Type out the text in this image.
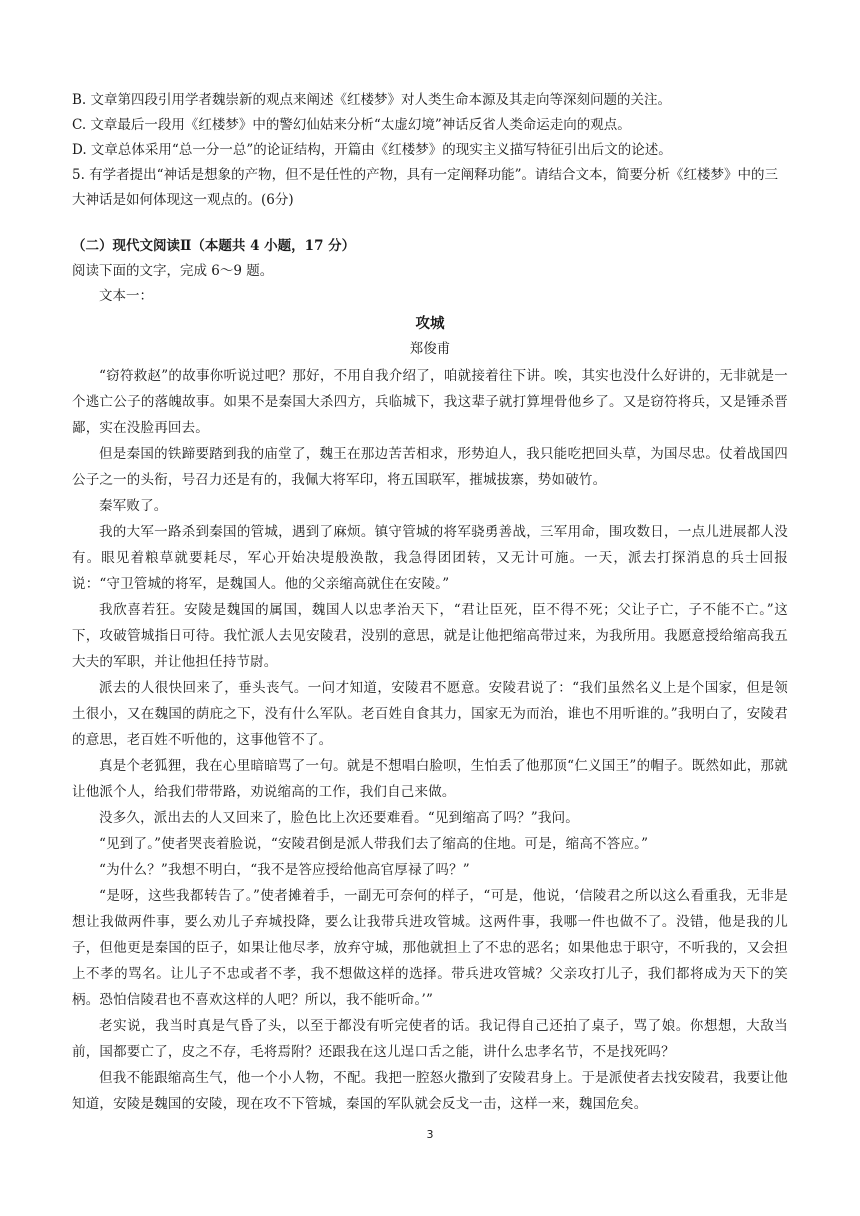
B. 文章第四段引用学者魏崇新的观点来阐述《红楼梦》对人类生命本源及其走向等深刻问题的关注。

C. 文章最后一段用《红楼梦》中的警幻仙姑来分析“太虚幻境”神话反省人类命运走向的观点。

D. 文章总体采用“总一分一总”的论证结构，开篇由《红楼梦》的现实主义描写特征引出后文的论述。

5. 有学者提出“神话是想象的产物，但不是任性的产物，具有一定阐释功能”。请结合文本，简要分析《红楼梦》中的三大神话是如何体现这一观点的。(6分)

（二）现代文阅读Ⅱ（本题共 4 小题，17 分）

阅读下面的文字，完成 6～9 题。

文本一：

攻城

郑俊甫

“窃符救赵”的故事你听说过吧？那好，不用自我介绍了，咱就接着往下讲。唉，其实也没什么好讲的，无非就是一个逃亡公子的落魄故事。如果不是秦国大杀四方，兵临城下，我这辈子就打算埋骨他乡了。又是窃符将兵，又是锤杀晋鄙，实在没脸再回去。

但是秦国的铁蹄要踏到我的庙堂了，魏王在那边苦苦相求，形势迫人，我只能吃把回头草，为国尽忠。仗着战国四公子之一的头衔，号召力还是有的，我佩大将军印，将五国联军，摧城拔寨，势如破竹。

秦军败了。

我的大军一路杀到秦国的管城，遇到了麻烦。镇守管城的将军骁勇善战，三军用命，围攻数日，一点儿进展都人没有。眼见着粮草就要耗尽，军心开始决堤般涣散，我急得团团转，又无计可施。一天，派去打探消息的兵士回报说：“守卫管城的将军，是魏国人。他的父亲缩高就住在安陵。”

我欣喜若狂。安陵是魏国的属国，魏国人以忠孝治天下，“君让臣死，臣不得不死；父让子亡，子不能不亡。”这下，攻破管城指日可待。我忙派人去见安陵君，没别的意思，就是让他把缩高带过来，为我所用。我愿意授给缩高我五大夫的军职，并让他担任持节尉。

派去的人很快回来了，垂头丧气。一问才知道，安陵君不愿意。安陵君说了：“我们虽然名义上是个国家，但是领土很小，又在魏国的荫庇之下，没有什么军队。老百姓自食其力，国家无为而治，谁也不用听谁的。”我明白了，安陵君的意思，老百姓不听他的，这事他管不了。

真是个老狐狸，我在心里暗暗骂了一句。就是不想唱白脸呗，生怕丢了他那顶“仁义国王”的帽子。既然如此，那就让他派个人，给我们带带路，劝说缩高的工作，我们自己来做。

没多久，派出去的人又回来了，脸色比上次还要难看。“见到缩高了吗？”我问。

“见到了。”使者哭丧着脸说，“安陵君倒是派人带我们去了缩高的住地。可是，缩高不答应。”

“为什么？”我想不明白，“我不是答应授给他高官厚禄了吗？”

“是呀，这些我都转告了。”使者摊着手，一副无可奈何的样子，“可是，他说，‘信陵君之所以这么看重我，无非是想让我做两件事，要么劝儿子弃城投降，要么让我带兵进攻管城。这两件事，我哪一件也做不了。没错，他是我的儿子，但他更是秦国的臣子，如果让他尽孝，放弃守城，那他就担上了不忠的恶名；如果他忠于职守，不听我的，又会担上不孝的骂名。让儿子不忠或者不孝，我不想做这样的选择。带兵进攻管城？父亲攻打儿子，我们都将成为天下的笑柄。恐怕信陵君也不喜欢这样的人吧？所以，我不能听命。’”

老实说，我当时真是气昏了头，以至于都没有听完使者的话。我记得自己还拍了桌子，骂了娘。你想想，大敌当前，国都要亡了，皮之不存，毛将焉附？还跟我在这儿逞口舌之能，讲什么忠孝名节，不是找死吗？

但我不能跟缩高生气，他一个小人物，不配。我把一腔怒火撒到了安陵君身上。于是派使者去找安陵君，我要让他知道，安陵是魏国的安陵，现在攻不下管城，秦国的军队就会反戈一击，这样一来，魏国危矣。

3
